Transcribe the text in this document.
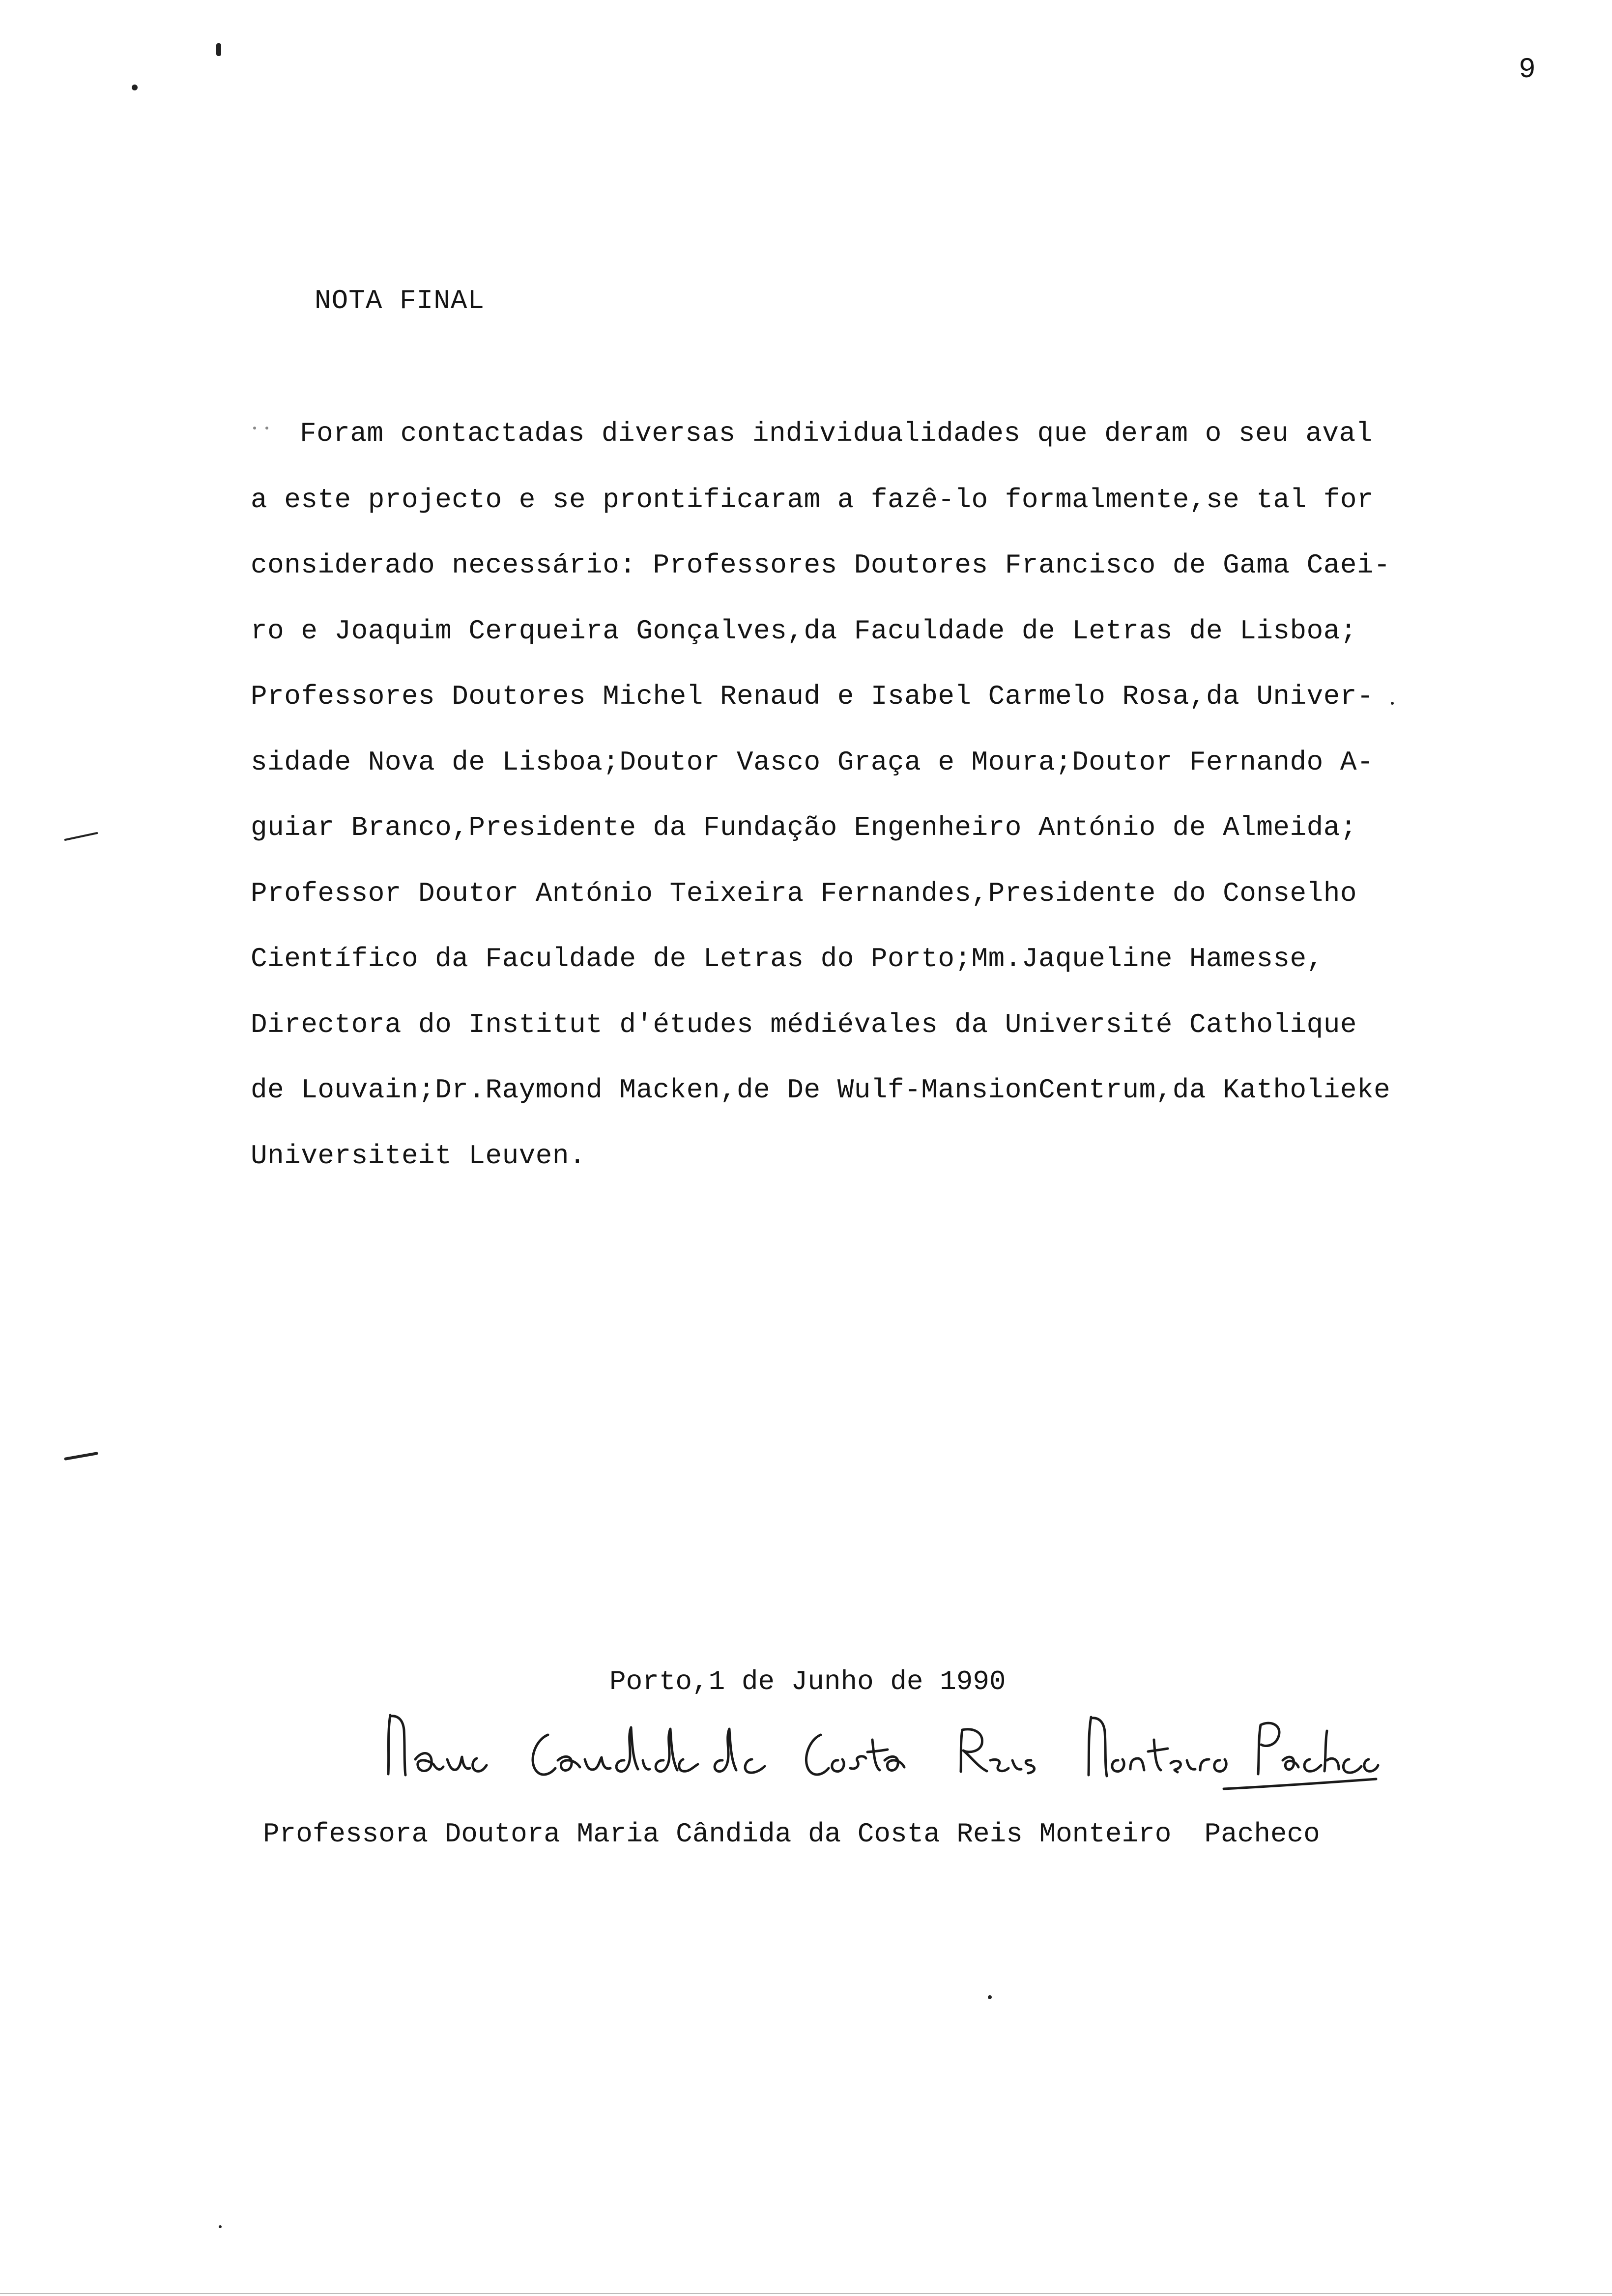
9
NOTA FINAL
Foram contactadas diversas individualidades que deram o seu aval
a este projecto e se prontificaram a fazê-lo formalmente,se tal for
considerado necessário: Professores Doutores Francisco de Gama Caei-
ro e Joaquim Cerqueira Gonçalves,da Faculdade de Letras de Lisboa;
Professores Doutores Michel Renaud e Isabel Carmelo Rosa,da Univer-
sidade Nova de Lisboa;Doutor Vasco Graça e Moura;Doutor Fernando A-
guiar Branco,Presidente da Fundação Engenheiro António de Almeida;
Professor Doutor António Teixeira Fernandes,Presidente do Conselho
Científico da Faculdade de Letras do Porto;Mm.Jaqueline Hamesse,
Directora do Institut d'études médiévales da Université Catholique
de Louvain;Dr.Raymond Macken,de De Wulf-MansionCentrum,da Katholieke
Universiteit Leuven.
Porto,1 de Junho de 1990
Professora Doutora Maria Cândida da Costa Reis Monteiro  Pacheco
